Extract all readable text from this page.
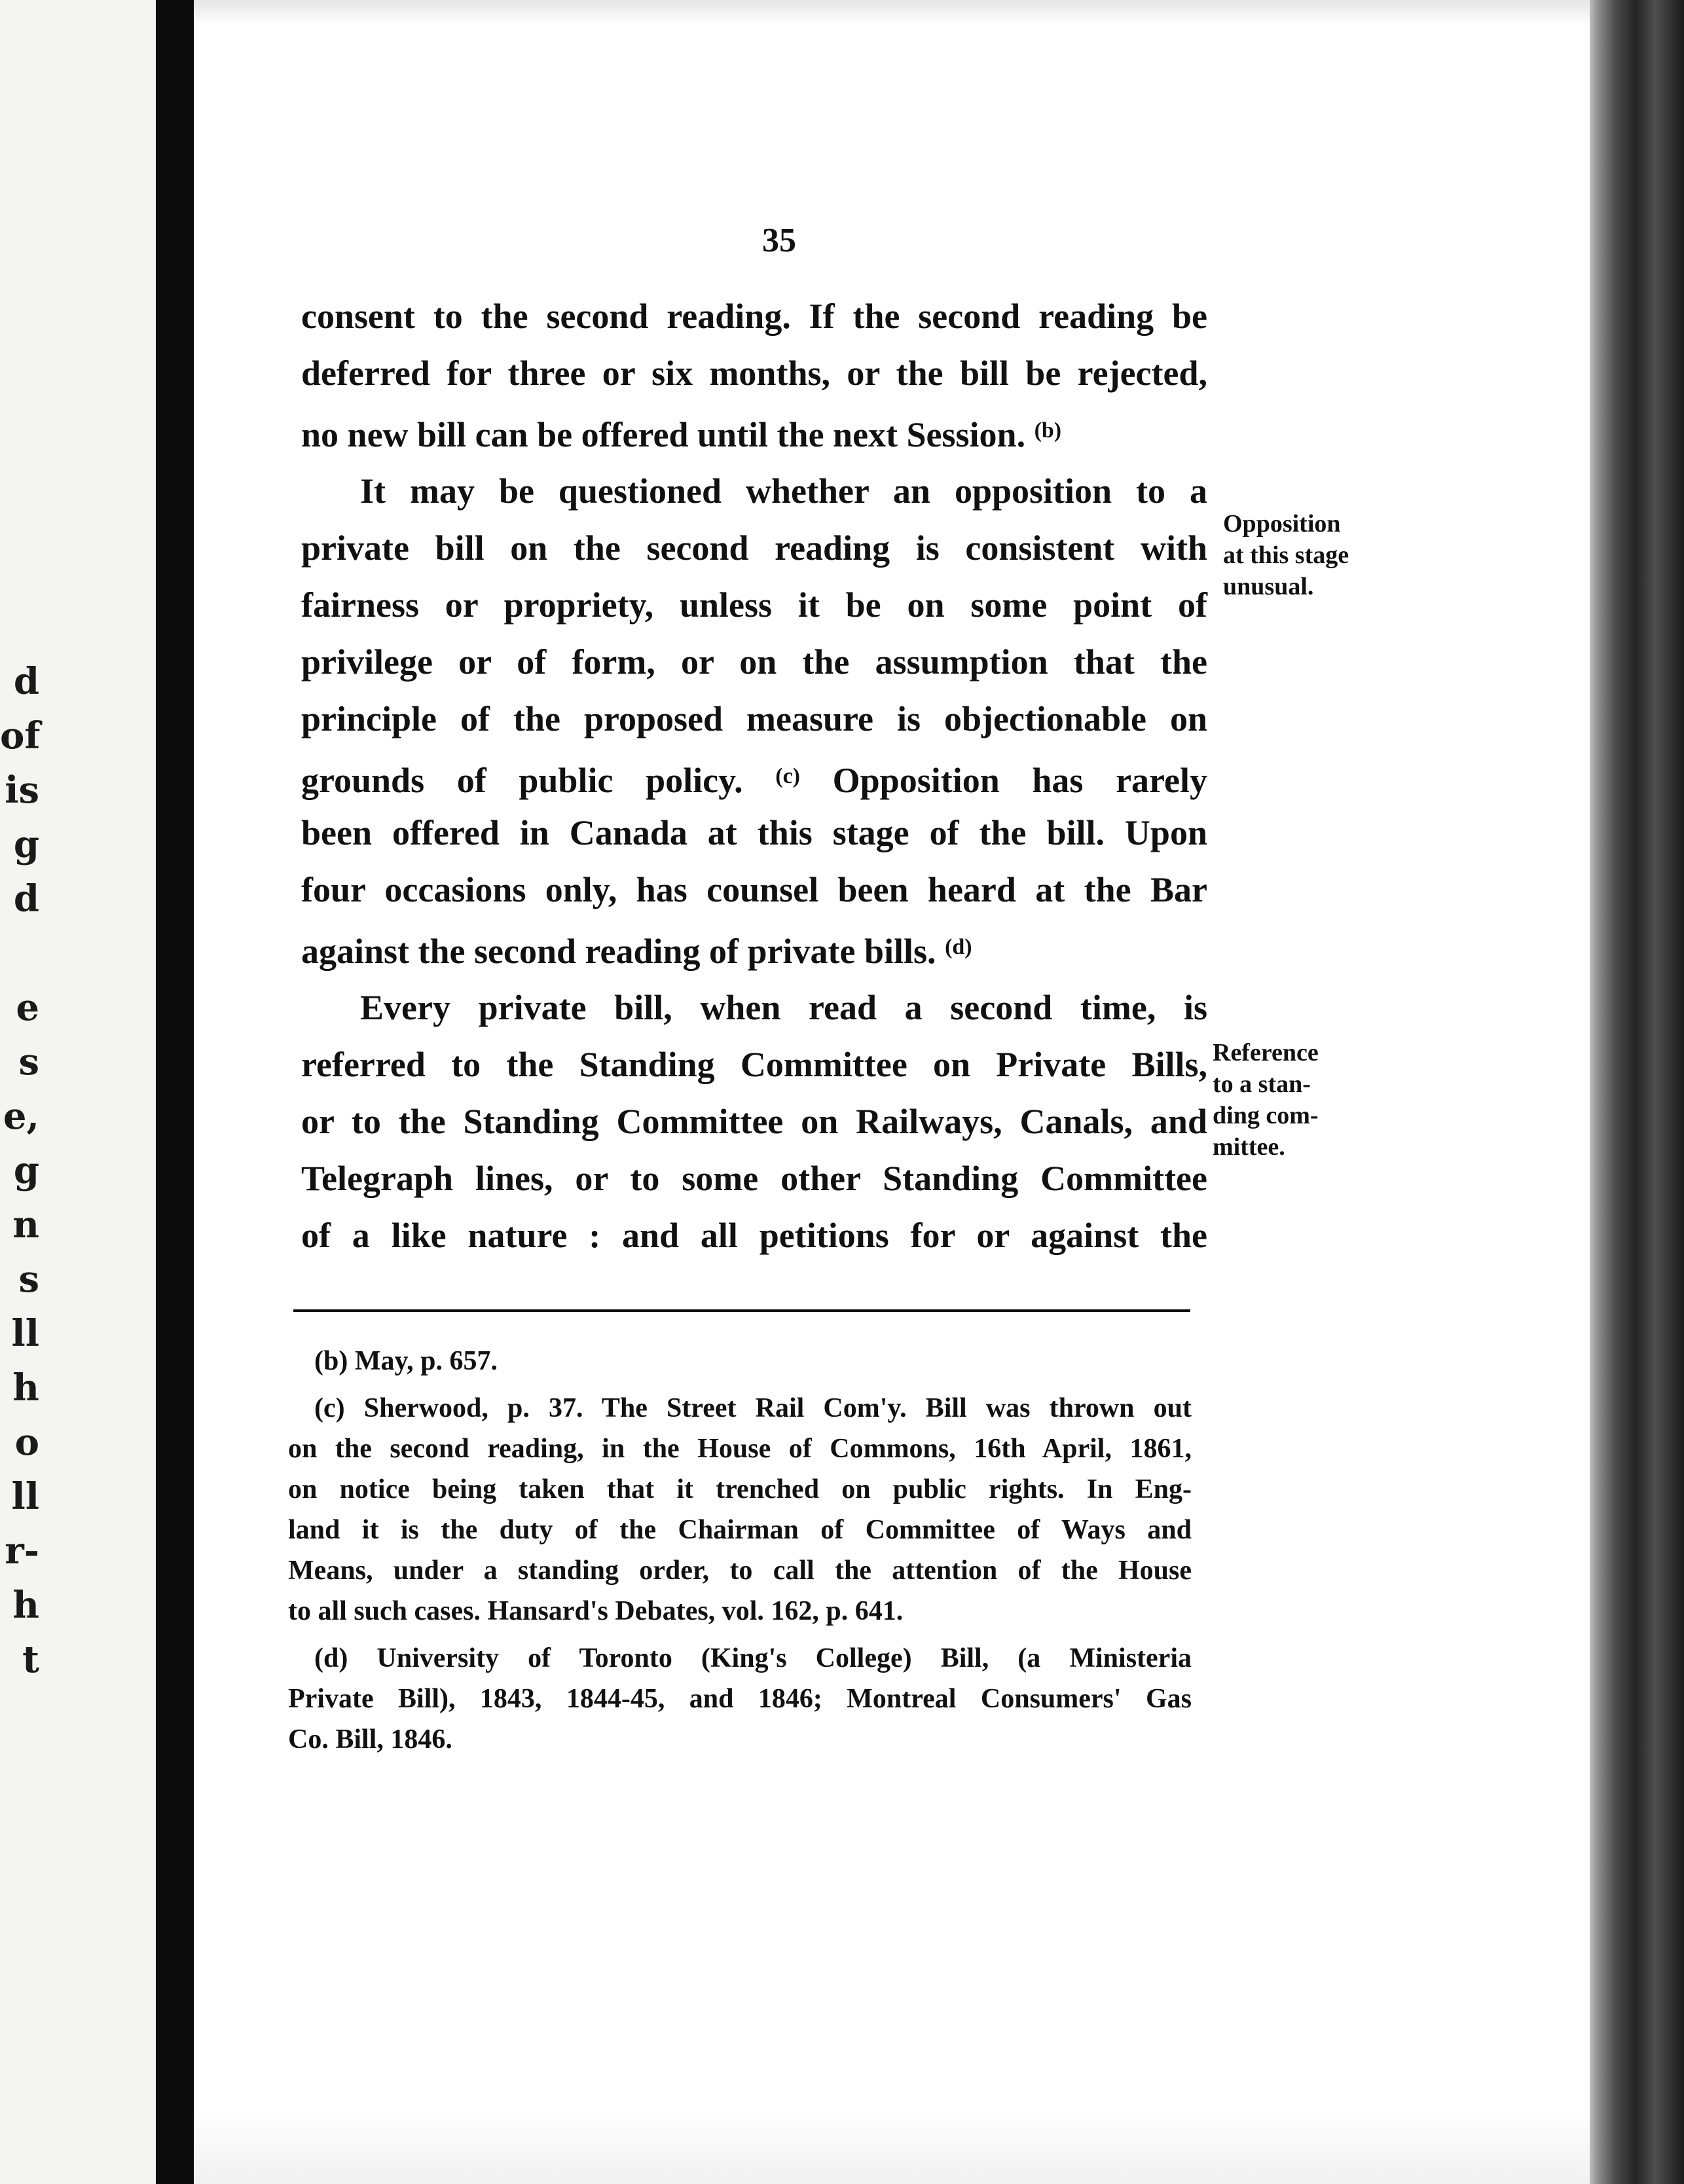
d
of
is
g
d
e
s
e,
g
n
s
ll
h
o
ll
r-
h
t
35
consent to the second reading. If the second reading be
deferred for three or six months, or the bill be rejected,
no new bill can be offered until the next Session. $^{(b)}$
It may be questioned whether an opposition to a
private bill on the second reading is consistent with
fairness or propriety, unless it be on some point of
privilege or of form, or on the assumption that the
principle of the proposed measure is objectionable on
grounds of public policy. $^{(c)}$ Opposition has rarely
been offered in Canada at this stage of the bill. Upon
four occasions only, has counsel been heard at the Bar
against the second reading of private bills. $^{(d)}$
Every private bill, when read a second time, is
referred to the Standing Committee on Private Bills,
or to the Standing Committee on Railways, Canals, and
Telegraph lines, or to some other Standing Committee
of a like nature : and all petitions for or against the
Opposition
at this stage
unusual.
Reference
to a stan-
ding com-
mittee.
(b) May, p. 657.
(c) Sherwood, p. 37. The Street Rail Com'y. Bill was thrown out
on the second reading, in the House of Commons, 16th April, 1861,
on notice being taken that it trenched on public rights. In Eng-
land it is the duty of the Chairman of Committee of Ways and
Means, under a standing order, to call the attention of the House
to all such cases. Hansard's Debates, vol. 162, p. 641.
(d) University of Toronto (King's College) Bill, (a Ministeria
Private Bill), 1843, 1844-45, and 1846; Montreal Consumers' Gas
Co. Bill, 1846.
